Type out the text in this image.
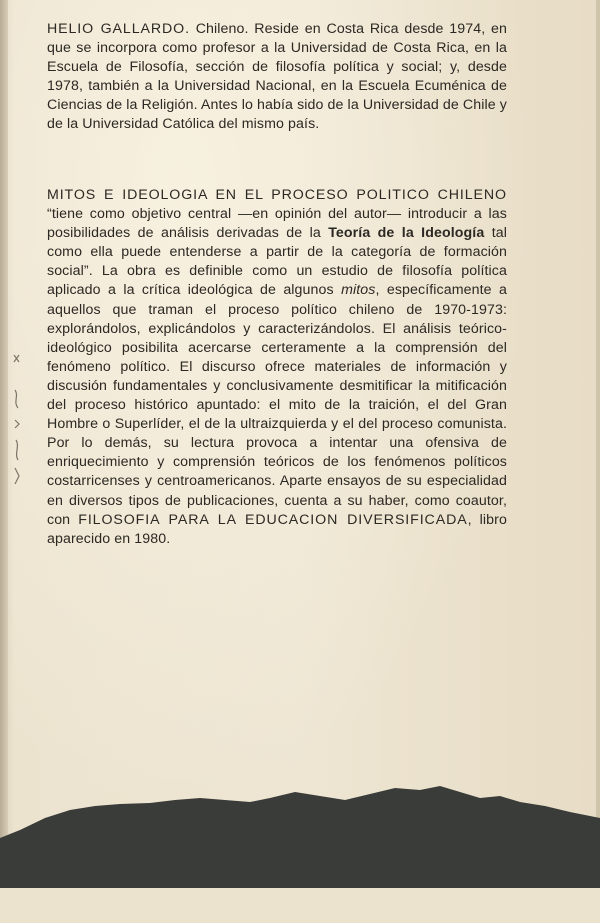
HELIO GALLARDO. Chileno. Reside en Costa Rica desde 1974, en que se incorpora como profesor a la Universidad de Costa Rica, en la Escuela de Filosofía, sección de filosofía política y social; y, desde 1978, también a la Universidad Nacional, en la Escuela Ecuménica de Ciencias de la Religión. Antes lo había sido de la Universidad de Chile y de la Universidad Católica del mismo país.

MITOS E IDEOLOGIA EN EL PROCESO POLITICO CHILENO “tiene como objetivo central —en opinión del autor— introducir a las posibilidades de análisis derivadas de la Teoría de la Ideología tal como ella puede entenderse a partir de la categoría de formación social”. La obra es definible como un estudio de filosofía política aplicado a la crítica ideológica de algunos mitos, específicamente a aquellos que traman el proceso político chileno de 1970-1973: explorándolos, explicándolos y caracterizándolos. El análisis teórico-ideológico posibilita acercarse certeramente a la comprensión del fenómeno político. El discurso ofrece materiales de información y discusión fundamentales y conclusivamente desmitificar la mitificación del proceso histórico apuntado: el mito de la traición, el del Gran Hombre o Superlíder, el de la ultraizquierda y el del proceso comunista. Por lo demás, su lectura provoca a intentar una ofensiva de enriquecimiento y comprensión teóricos de los fenómenos políticos costarricenses y centroamericanos. Aparte ensayos de su especialidad en diversos tipos de publicaciones, cuenta a su haber, como coautor, con FILOSOFIA PARA LA EDUCACION DIVERSIFICADA, libro aparecido en 1980.
